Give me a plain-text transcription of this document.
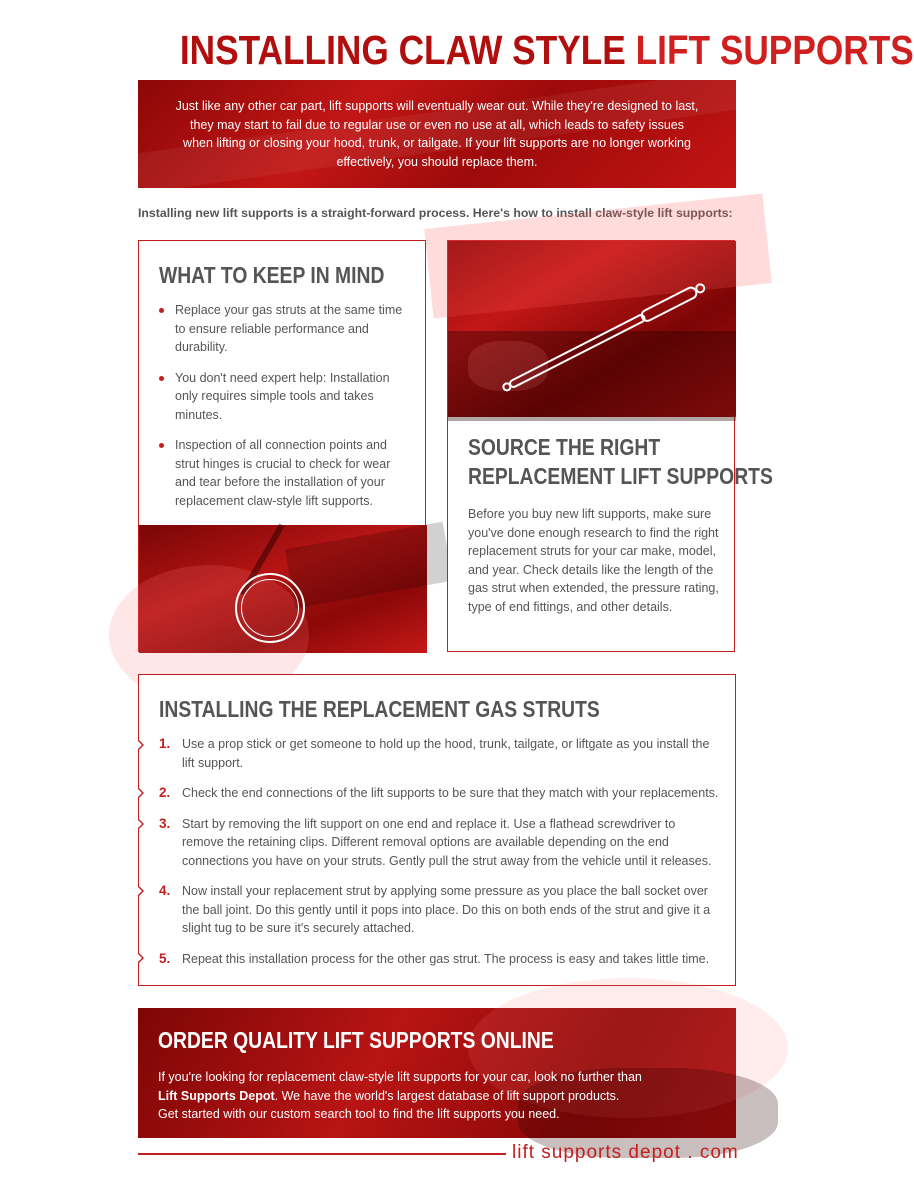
INSTALLING CLAW STYLE LIFT SUPPORTS

Just like any other car part, lift supports will eventually wear out. While they're designed to last, they may start to fail due to regular use or even no use at all, which leads to safety issues when lifting or closing your hood, trunk, or tailgate. If your lift supports are no longer working effectively, you should replace them.

Installing new lift supports is a straight-forward process. Here's how to install claw-style lift supports:
WHAT TO KEEP IN MIND
Replace your gas struts at the same time to ensure reliable performance and durability.
You don't need expert help: Installation only requires simple tools and takes minutes.
Inspection of all connection points and strut hinges is crucial to check for wear and tear before the installation of your replacement claw-style lift supports.
SOURCE THE RIGHT
REPLACEMENT LIFT SUPPORTS
Before you buy new lift supports, make sure you've done enough research to find the right replacement struts for your car make, model, and year. Check details like the length of the gas strut when extended, the pressure rating, type of end fittings, and other details.
INSTALLING THE REPLACEMENT GAS STRUTS
1. Use a prop stick or get someone to hold up the hood, trunk, tailgate, or liftgate as you install the lift support.
2. Check the end connections of the lift supports to be sure that they match with your replacements.
3. Start by removing the lift support on one end and replace it. Use a flathead screwdriver to remove the retaining clips. Different removal options are available depending on the end connections you have on your struts. Gently pull the strut away from the vehicle until it releases.
4. Now install your replacement strut by applying some pressure as you place the ball socket over the ball joint. Do this gently until it pops into place. Do this on both ends of the strut and give it a slight tug to be sure it's securely attached.
5. Repeat this installation process for the other gas strut. The process is easy and takes little time.
ORDER QUALITY LIFT SUPPORTS ONLINE
If you're looking for replacement claw-style lift supports for your car, look no further than
Lift Supports Depot. We have the world's largest database of lift support products.
Get started with our custom search tool to find the lift supports you need.
lift supports depot . com
